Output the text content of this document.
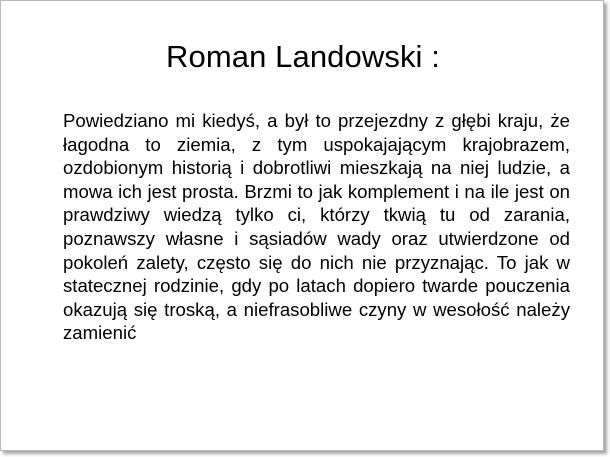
Roman Landowski :
Powiedziano mi kiedyś, a był to przejezdny z głębi kraju, że łagodna to ziemia, z tym uspokajającym krajobrazem, ozdobionym historią i dobrotliwi mieszkają na niej ludzie, a mowa ich jest prosta. Brzmi to jak komplement i na ile jest on prawdziwy wiedzą tylko ci, którzy tkwią tu od zarania, poznawszy własne i sąsiadów wady oraz utwierdzone od pokoleń zalety, często się do nich nie przyznając. To jak w statecznej rodzinie, gdy po latach dopiero twarde pouczenia okazują się troską, a niefrasobliwe czyny w wesołość należy zamienić
